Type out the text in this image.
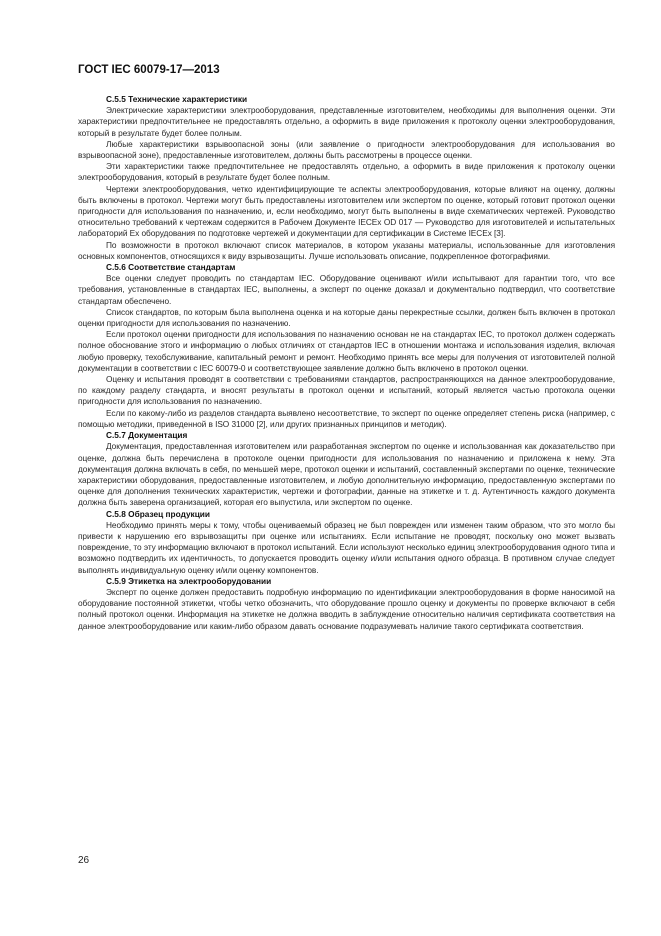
ГОСТ IEC 60079-17—2013
С.5.5 Технические характеристики

Электрические характеристики электрооборудования, представленные изготовителем, необходимы для выполнения оценки. Эти характеристики предпочтительнее не предоставлять отдельно, а оформить в виде приложения к протоколу оценки электрооборудования, который в результате будет более полным.

Любые характеристики взрывоопасной зоны (или заявление о пригодности электрооборудования для использования во взрывоопасной зоне), предоставленные изготовителем, должны быть рассмотрены в процессе оценки.

Эти характеристики также предпочтительнее не предоставлять отдельно, а оформить в виде приложения к протоколу оценки электрооборудования, который в результате будет более полным.

Чертежи электрооборудования, четко идентифицирующие те аспекты электрооборудования, которые влияют на оценку, должны быть включены в протокол. Чертежи могут быть предоставлены изготовителем или экспертом по оценке, который готовит протокол оценки пригодности для использования по назначению, и, если необходимо, могут быть выполнены в виде схематических чертежей. Руководство относительно требований к чертежам содержится в Рабочем Документе IECEx OD 017 — Руководство для изготовителей и испытательных лабораторий Ex оборудования по подготовке чертежей и документации для сертификации в Системе IECEx [3].

По возможности в протокол включают список материалов, в котором указаны материалы, использованные для изготовления основных компонентов, относящихся к виду взрывозащиты. Лучше использовать описание, подкрепленное фотографиями.

С.5.6 Соответствие стандартам

Все оценки следует проводить по стандартам IEC. Оборудование оценивают и/или испытывают для гарантии того, что все требования, установленные в стандартах IEC, выполнены, а эксперт по оценке доказал и документально подтвердил, что соответствие стандартам обеспечено.

Список стандартов, по которым была выполнена оценка и на которые даны перекрестные ссылки, должен быть включен в протокол оценки пригодности для использования по назначению.

Если протокол оценки пригодности для использования по назначению основан не на стандартах IEC, то протокол должен содержать полное обоснование этого и информацию о любых отличиях от стандартов IEC в отношении монтажа и использования изделия, включая любую проверку, техобслуживание, капитальный ремонт и ремонт. Необходимо принять все меры для получения от изготовителей полной документации в соответствии с IEC 60079-0 и соответствующее заявление должно быть включено в протокол оценки.

Оценку и испытания проводят в соответствии с требованиями стандартов, распространяющихся на данное электрооборудование, по каждому разделу стандарта, и вносят результаты в протокол оценки и испытаний, который является частью протокола оценки пригодности для использования по назначению.

Если по какому-либо из разделов стандарта выявлено несоответствие, то эксперт по оценке определяет степень риска (например, с помощью методики, приведенной в ISO 31000 [2], или других признанных принципов и методик).

С.5.7 Документация

Документация, предоставленная изготовителем или разработанная экспертом по оценке и использованная как доказательство при оценке, должна быть перечислена в протоколе оценки пригодности для использования по назначению и приложена к нему. Эта документация должна включать в себя, по меньшей мере, протокол оценки и испытаний, составленный экспертами по оценке, технические характеристики оборудования, предоставленные изготовителем, и любую дополнительную информацию, предоставленную экспертами по оценке для дополнения технических характеристик, чертежи и фотографии, данные на этикетке и т. д. Аутентичность каждого документа должна быть заверена организацией, которая его выпустила, или экспертом по оценке.

С.5.8 Образец продукции

Необходимо принять меры к тому, чтобы оцениваемый образец не был поврежден или изменен таким образом, что это могло бы привести к нарушению его взрывозащиты при оценке или испытаниях. Если испытание не проводят, поскольку оно может вызвать повреждение, то эту информацию включают в протокол испытаний. Если используют несколько единиц электрооборудования одного типа и возможно подтвердить их идентичность, то допускается проводить оценку и/или испытания одного образца. В противном случае следует выполнять индивидуальную оценку и/или оценку компонентов.

С.5.9 Этикетка на электрооборудовании

Эксперт по оценке должен предоставить подробную информацию по идентификации электрооборудования в форме наносимой на оборудование постоянной этикетки, чтобы четко обозначить, что оборудование прошло оценку и документы по проверке включают в себя полный протокол оценки. Информация на этикетке не должна вводить в заблуждение относительно наличия сертификата соответствия на данное электрооборудование или каким-либо образом давать основание подразумевать наличие такого сертификата соответствия.

26
